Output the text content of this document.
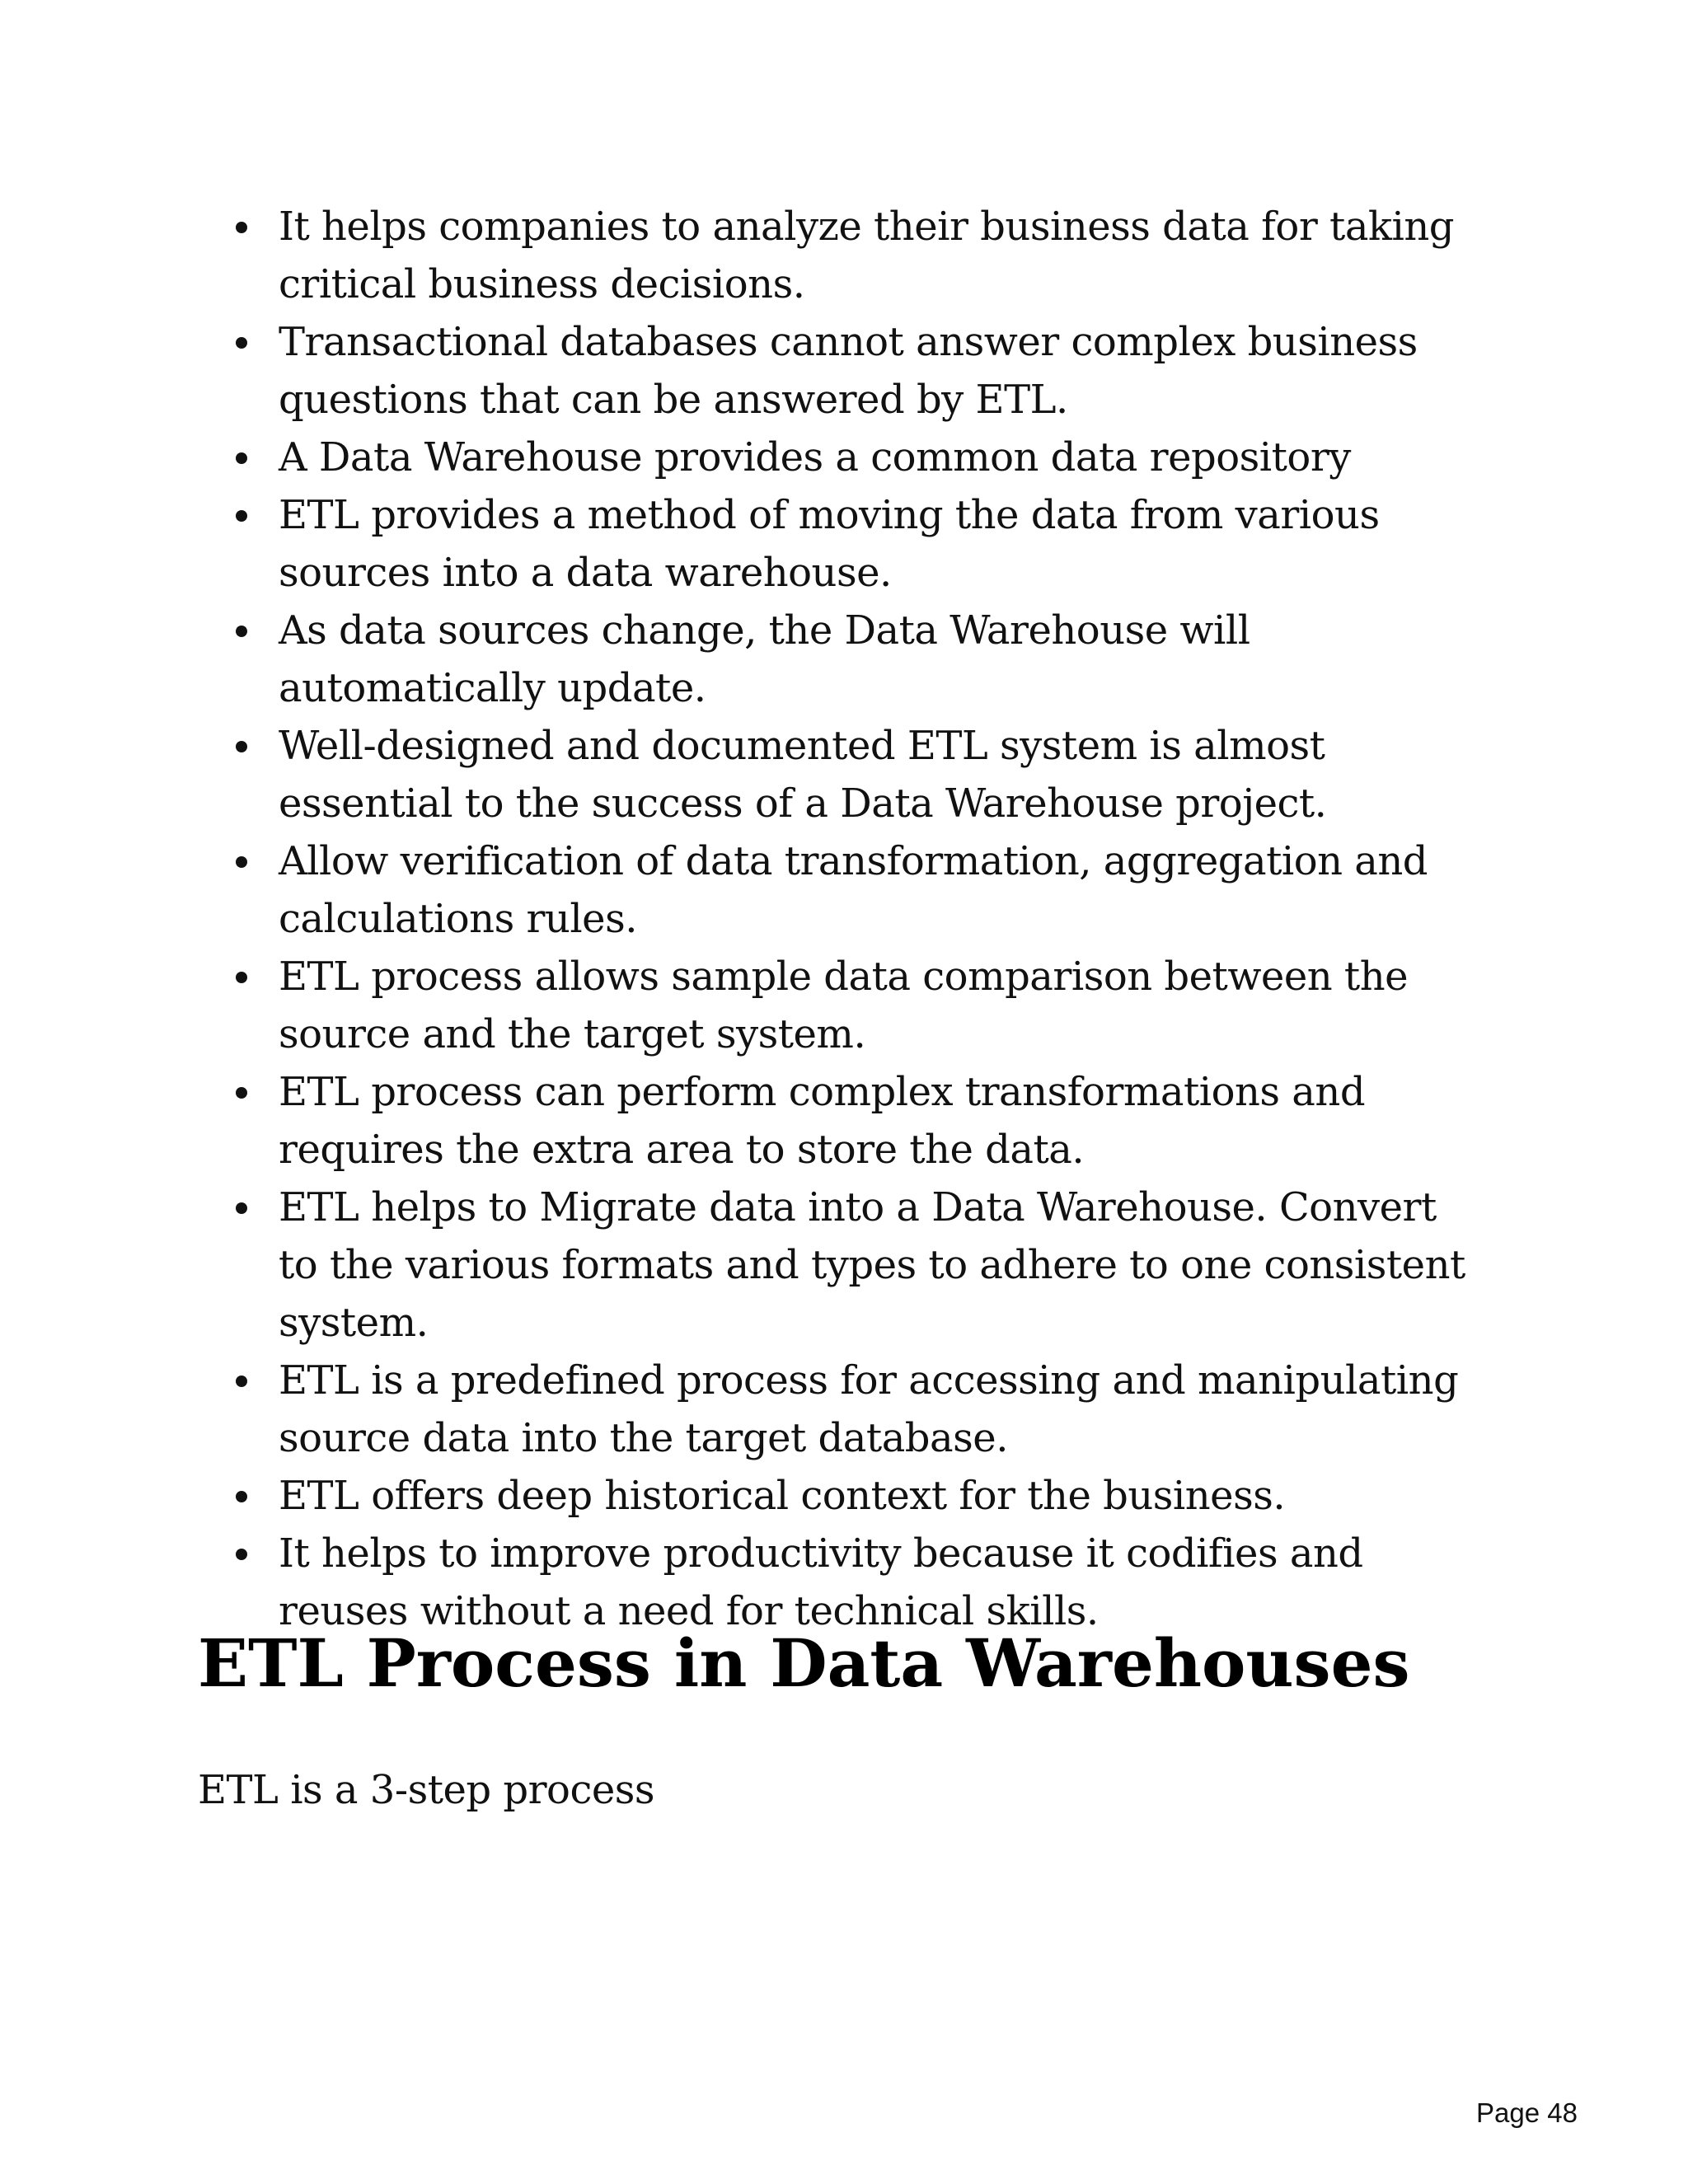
It helps companies to analyze their business data for taking critical business decisions.
Transactional databases cannot answer complex business questions that can be answered by ETL.
A Data Warehouse provides a common data repository
ETL provides a method of moving the data from various sources into a data warehouse.
As data sources change, the Data Warehouse will automatically update.
Well-designed and documented ETL system is almost essential to the success of a Data Warehouse project.
Allow verification of data transformation, aggregation and calculations rules.
ETL process allows sample data comparison between the source and the target system.
ETL process can perform complex transformations and requires the extra area to store the data.
ETL helps to Migrate data into a Data Warehouse. Convert to the various formats and types to adhere to one consistent system.
ETL is a predefined process for accessing and manipulating source data into the target database.
ETL offers deep historical context for the business.
It helps to improve productivity because it codifies and reuses without a need for technical skills.
ETL Process in Data Warehouses

ETL is a 3-step process

Page 48
